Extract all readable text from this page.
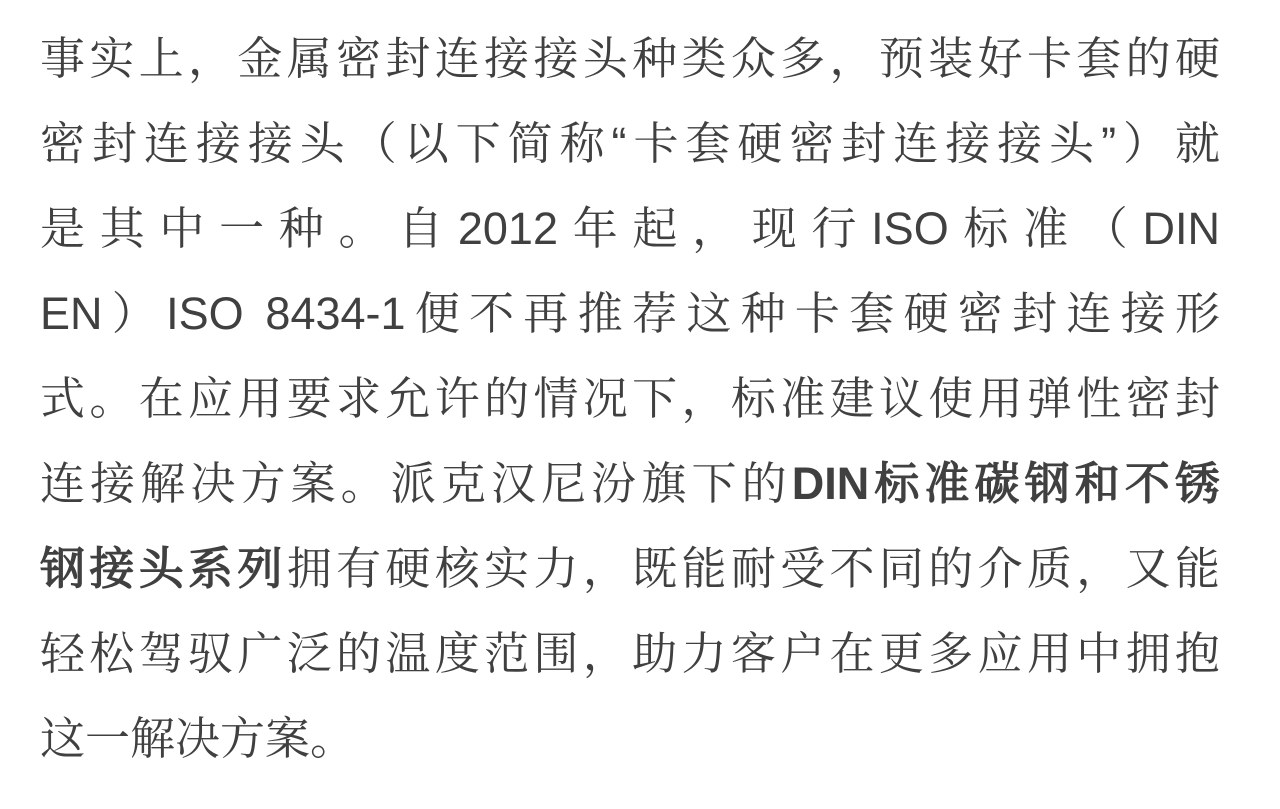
事实上，金属密封连接接头种类众多，预装好卡套的硬
密封连接接头（以下简称“卡套硬密封连接接头”）就
是其中一种。自2012年起，现行ISO标准（DIN
EN）ISO 8434-1便不再推荐这种卡套硬密封连接形
式。在应用要求允许的情况下，标准建议使用弹性密封
连接解决方案。派克汉尼汾旗下的DIN标准碳钢和不锈
钢接头系列拥有硬核实力，既能耐受不同的介质，又能
轻松驾驭广泛的温度范围，助力客户在更多应用中拥抱
这一解决方案。
